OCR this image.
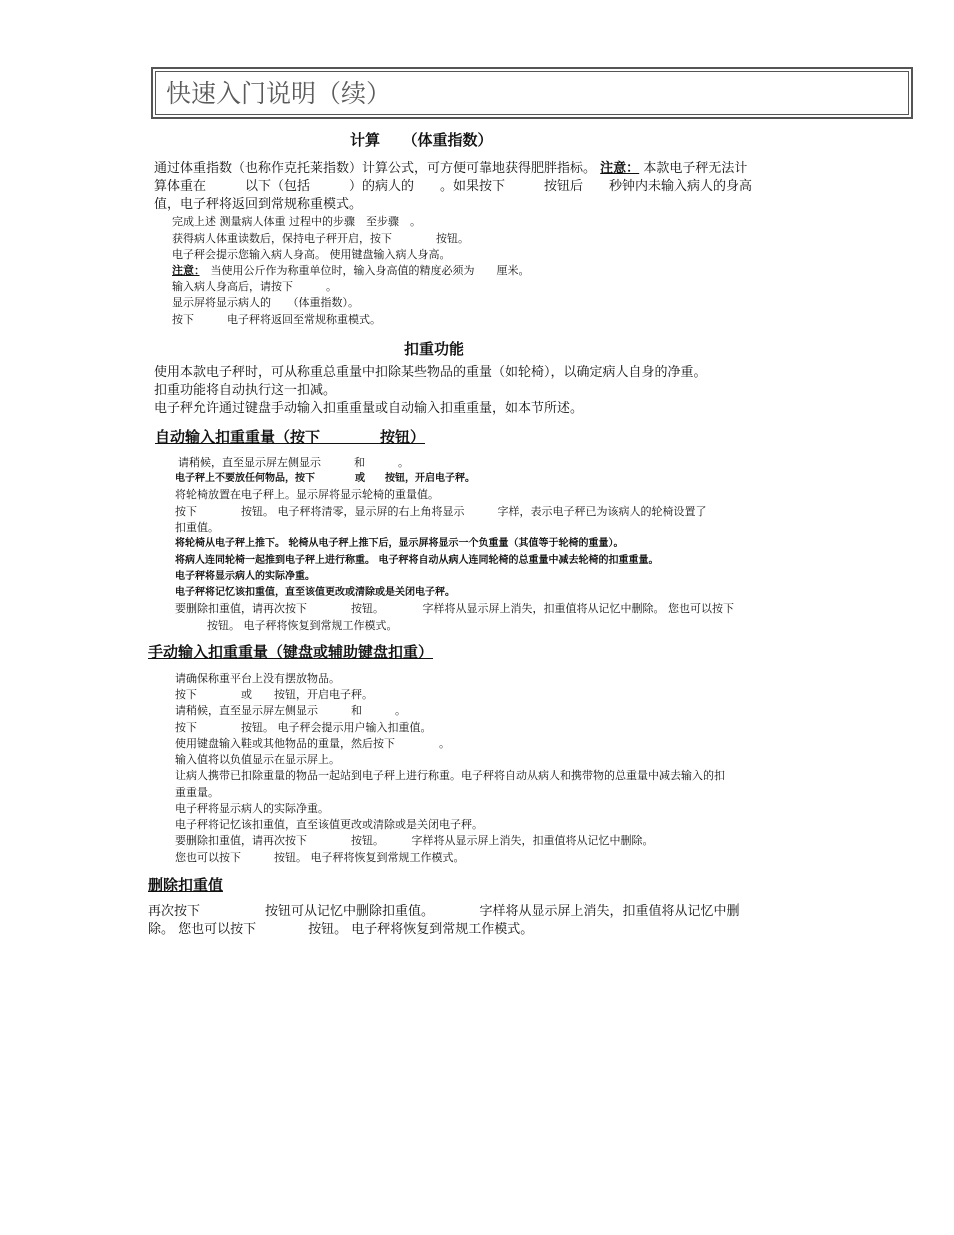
快速入门说明（续）
计算　　（体重指数）
通过体重指数（也称作克托莱指数）计算公式，可方便可靠地获得肥胖指标。 注意： 本款电子秤无法计
算体重在　　　以下（包括　　　）的病人的　　。如果按下　　　按钮后　　秒钟内未输入病人的身高
值，电子秤将返回到常规称重模式。
完成上述 测量病人体重 过程中的步骤　至步骤　。
获得病人体重读数后，保持电子秤开启，按下　　　　按钮。
电子秤会提示您输入病人身高。 使用键盘输入病人身高。
注意：　当使用公斤作为称重单位时，输入身高值的精度必须为　　厘米。
输入病人身高后，请按下　　　。
显示屏将显示病人的　　（体重指数）。
按下　　　电子秤将返回至常规称重模式。
扣重功能
使用本款电子秤时，可从称重总重量中扣除某些物品的重量（如轮椅），以确定病人自身的净重。
扣重功能将自动执行这一扣减。
电子秤允许通过键盘手动输入扣重重量或自动输入扣重重量，如本节所述。
自动输入扣重重量（按下　　　　按钮）
请稍候，直至显示屏左侧显示　　　和　　　。
电子秤上不要放任何物品，按下　　　　或　　按钮，开启电子秤。
将轮椅放置在电子秤上。显示屏将显示轮椅的重量值。
按下　　　　按钮。 电子秤将清零，显示屏的右上角将显示　　　字样，表示电子秤已为该病人的轮椅设置了
扣重值。
将轮椅从电子秤上推下。 轮椅从电子秤上推下后，显示屏将显示一个负重量（其值等于轮椅的重量）。
将病人连同轮椅一起推到电子秤上进行称重。 电子秤将自动从病人连同轮椅的总重量中减去轮椅的扣重重量。
电子秤将显示病人的实际净重。
电子秤将记忆该扣重值，直至该值更改或清除或是关闭电子秤。
要删除扣重值，请再次按下　　　　按钮。　　　　字样将从显示屏上消失，扣重值将从记忆中删除。 您也可以按下
按钮。 电子秤将恢复到常规工作模式。
手动输入扣重重量（键盘或辅助键盘扣重）
请确保称重平台上没有摆放物品。
按下　　　　或　　按钮，开启电子秤。
请稍候，直至显示屏左侧显示　　　和　　　。
按下　　　　按钮。 电子秤会提示用户输入扣重值。
使用键盘输入鞋或其他物品的重量，然后按下　　　　。
输入值将以负值显示在显示屏上。
让病人携带已扣除重量的物品一起站到电子秤上进行称重。电子秤将自动从病人和携带物的总重量中减去输入的扣
重重量。
电子秤将显示病人的实际净重。
电子秤将记忆该扣重值，直至该值更改或清除或是关闭电子秤。
要删除扣重值，请再次按下　　　　按钮。　　　字样将从显示屏上消失，扣重值将从记忆中删除。
您也可以按下　　　按钮。 电子秤将恢复到常规工作模式。
删除扣重值
再次按下　　　　　按钮可从记忆中删除扣重值。　　　　字样将从显示屏上消失，扣重值将从记忆中删
除。 您也可以按下　　　　按钮。 电子秤将恢复到常规工作模式。
